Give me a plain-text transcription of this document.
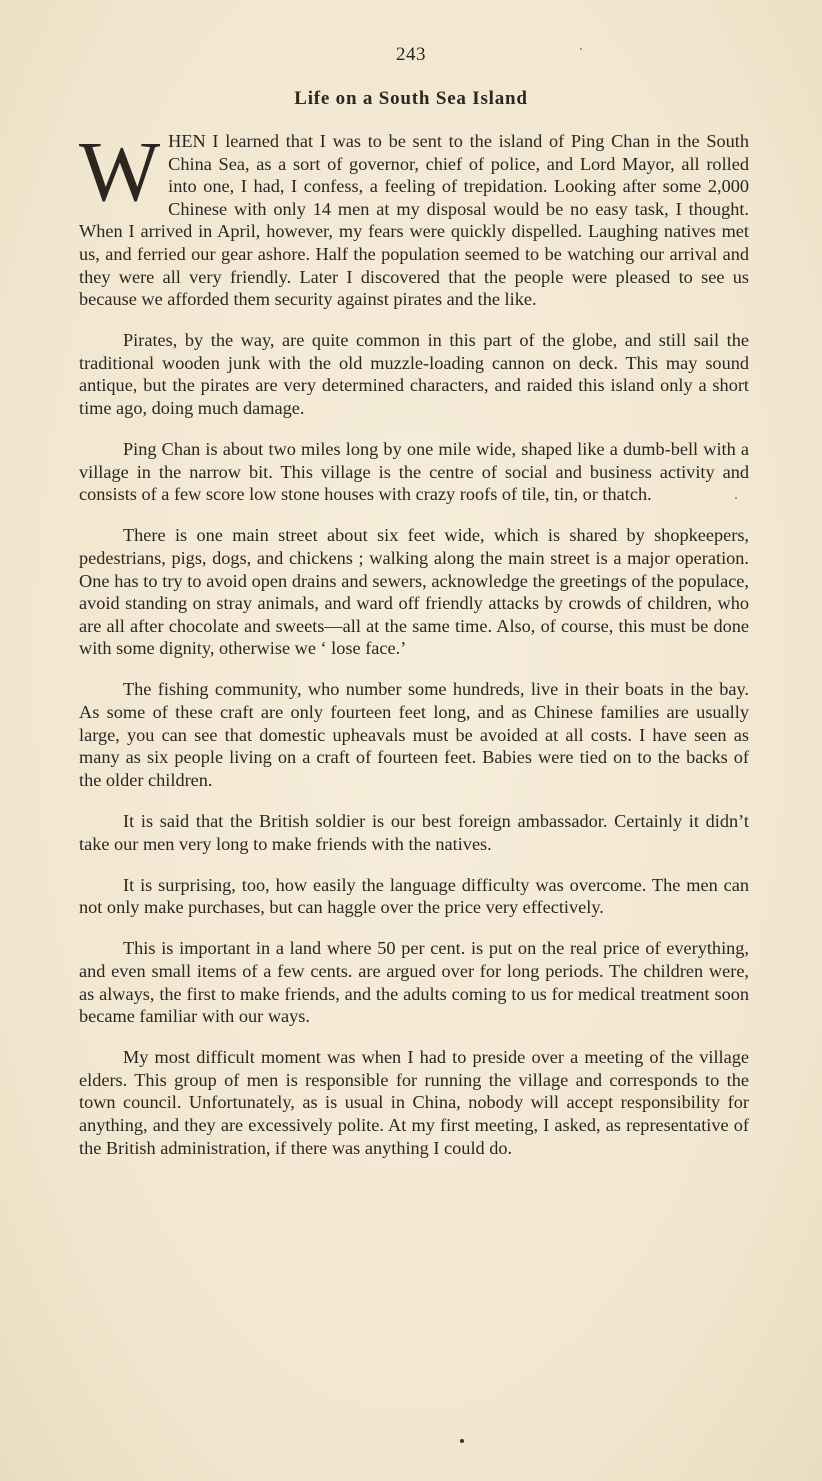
243
Life on a South Sea Island

WHEN I learned that I was to be sent to the island of Ping Chan in the South China Sea, as a sort of governor, chief of police, and Lord Mayor, all rolled into one, I had, I confess, a feeling of trepidation. Looking after some 2,000 Chinese with only 14 men at my disposal would be no easy task, I thought. When I arrived in April, however, my fears were quickly dispelled. Laughing natives met us, and ferried our gear ashore. Half the population seemed to be watching our arrival and they were all very friendly. Later I discovered that the people were pleased to see us because we afforded them security against pirates and the like.

Pirates, by the way, are quite common in this part of the globe, and still sail the traditional wooden junk with the old muzzle-loading cannon on deck. This may sound antique, but the pirates are very determined characters, and raided this island only a short time ago, doing much damage.

Ping Chan is about two miles long by one mile wide, shaped like a dumb-bell with a village in the narrow bit. This village is the centre of social and business activity and consists of a few score low stone houses with crazy roofs of tile, tin, or thatch.

There is one main street about six feet wide, which is shared by shopkeepers, pedestrians, pigs, dogs, and chickens ; walking along the main street is a major operation. One has to try to avoid open drains and sewers, acknowledge the greetings of the populace, avoid standing on stray animals, and ward off friendly attacks by crowds of children, who are all after chocolate and sweets—all at the same time. Also, of course, this must be done with some dignity, otherwise we ‘ lose face.’

The fishing community, who number some hundreds, live in their boats in the bay. As some of these craft are only fourteen feet long, and as Chinese families are usually large, you can see that domestic upheavals must be avoided at all costs. I have seen as many as six people living on a craft of fourteen feet. Babies were tied on to the backs of the older children.

It is said that the British soldier is our best foreign ambassador. Certainly it didn’t take our men very long to make friends with the natives.

It is surprising, too, how easily the language difficulty was overcome. The men can not only make purchases, but can haggle over the price very effectively.

This is important in a land where 50 per cent. is put on the real price of everything, and even small items of a few cents. are argued over for long periods. The children were, as always, the first to make friends, and the adults coming to us for medical treatment soon became familiar with our ways.

My most difficult moment was when I had to preside over a meeting of the village elders. This group of men is responsible for running the village and corresponds to the town council. Unfortunately, as is usual in China, nobody will accept responsibility for anything, and they are excessively polite. At my first meeting, I asked, as representative of the British administration, if there was anything I could do.
